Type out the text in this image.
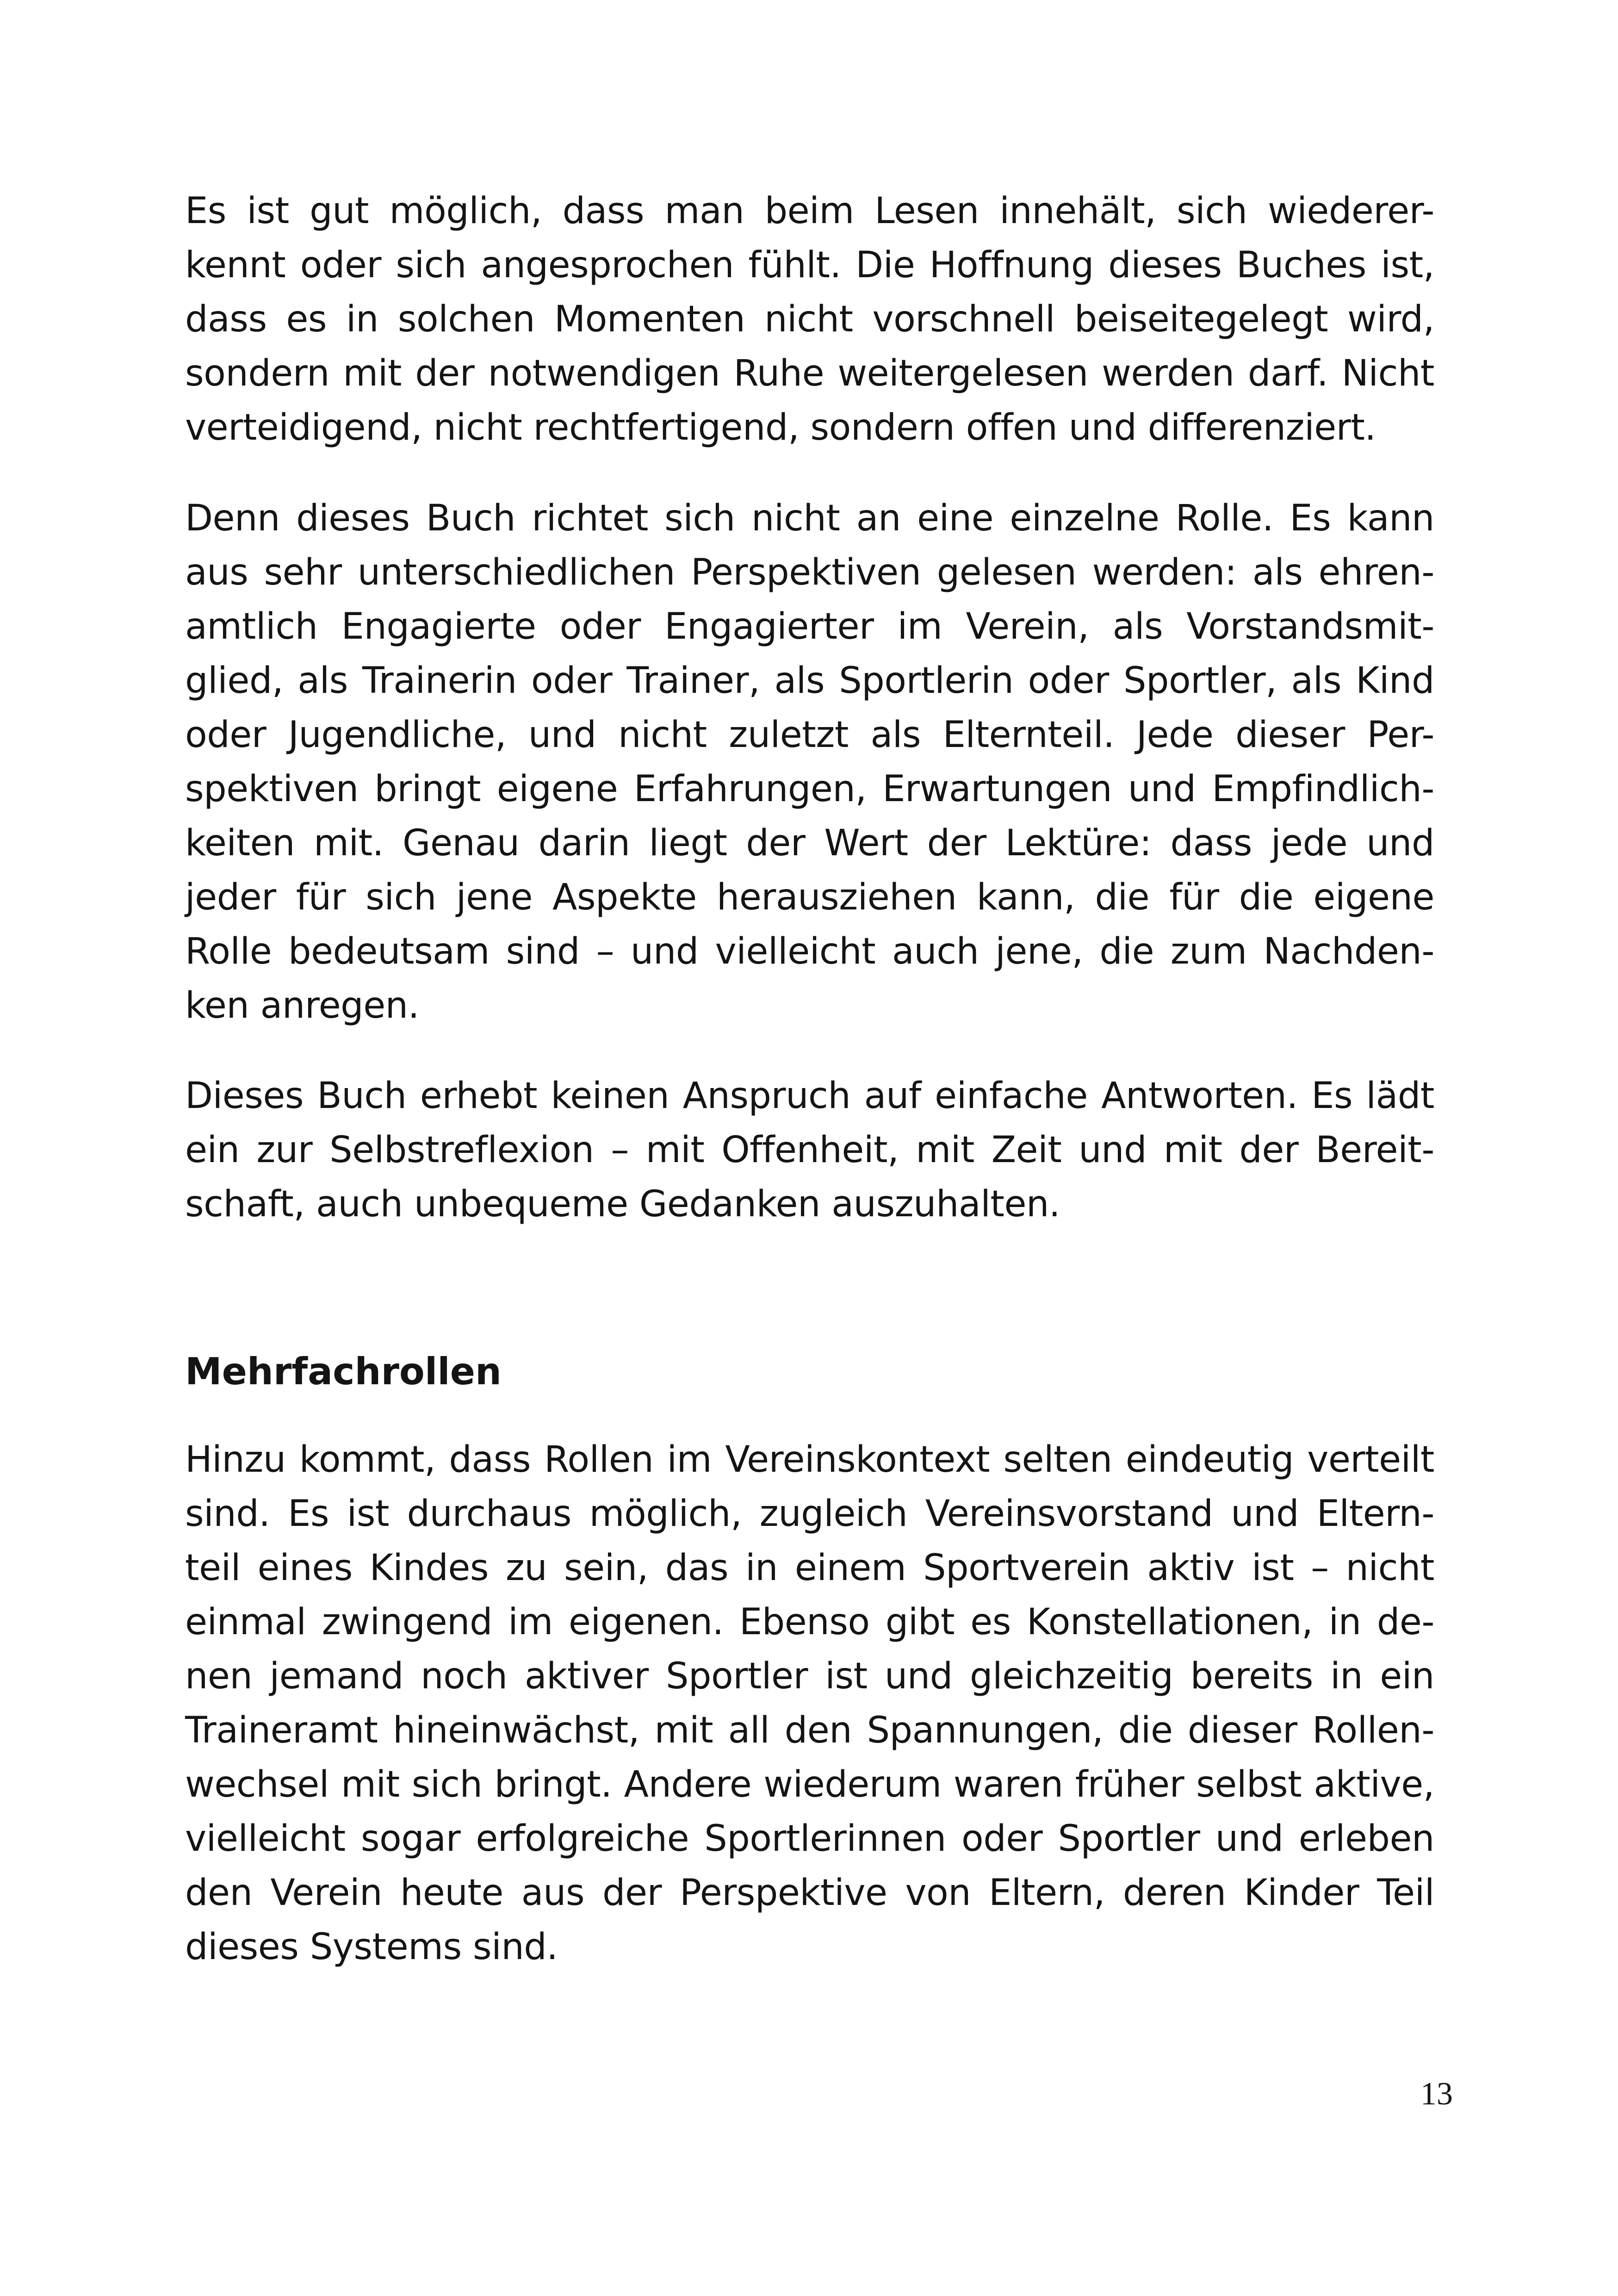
Es ist gut möglich, dass man beim Lesen innehält, sich wiederer-
kennt oder sich angesprochen fühlt. Die Hoffnung dieses Buches ist,
dass es in solchen Momenten nicht vorschnell beiseitegelegt wird,
sondern mit der notwendigen Ruhe weitergelesen werden darf. Nicht
verteidigend, nicht rechtfertigend, sondern offen und differenziert.
Denn dieses Buch richtet sich nicht an eine einzelne Rolle. Es kann
aus sehr unterschiedlichen Perspektiven gelesen werden: als ehren-
amtlich Engagierte oder Engagierter im Verein, als Vorstandsmit-
glied, als Trainerin oder Trainer, als Sportlerin oder Sportler, als Kind
oder Jugendliche, und nicht zuletzt als Elternteil. Jede dieser Per-
spektiven bringt eigene Erfahrungen, Erwartungen und Empfindlich-
keiten mit. Genau darin liegt der Wert der Lektüre: dass jede und
jeder für sich jene Aspekte herausziehen kann, die für die eigene
Rolle bedeutsam sind – und vielleicht auch jene, die zum Nachden-
ken anregen.
Dieses Buch erhebt keinen Anspruch auf einfache Antworten. Es lädt
ein zur Selbstreflexion – mit Offenheit, mit Zeit und mit der Bereit-
schaft, auch unbequeme Gedanken auszuhalten.
Mehrfachrollen
Hinzu kommt, dass Rollen im Vereinskontext selten eindeutig verteilt
sind. Es ist durchaus möglich, zugleich Vereinsvorstand und Eltern-
teil eines Kindes zu sein, das in einem Sportverein aktiv ist – nicht
einmal zwingend im eigenen. Ebenso gibt es Konstellationen, in de-
nen jemand noch aktiver Sportler ist und gleichzeitig bereits in ein
Traineramt hineinwächst, mit all den Spannungen, die dieser Rollen-
wechsel mit sich bringt. Andere wiederum waren früher selbst aktive,
vielleicht sogar erfolgreiche Sportlerinnen oder Sportler und erleben
den Verein heute aus der Perspektive von Eltern, deren Kinder Teil
dieses Systems sind.
13
